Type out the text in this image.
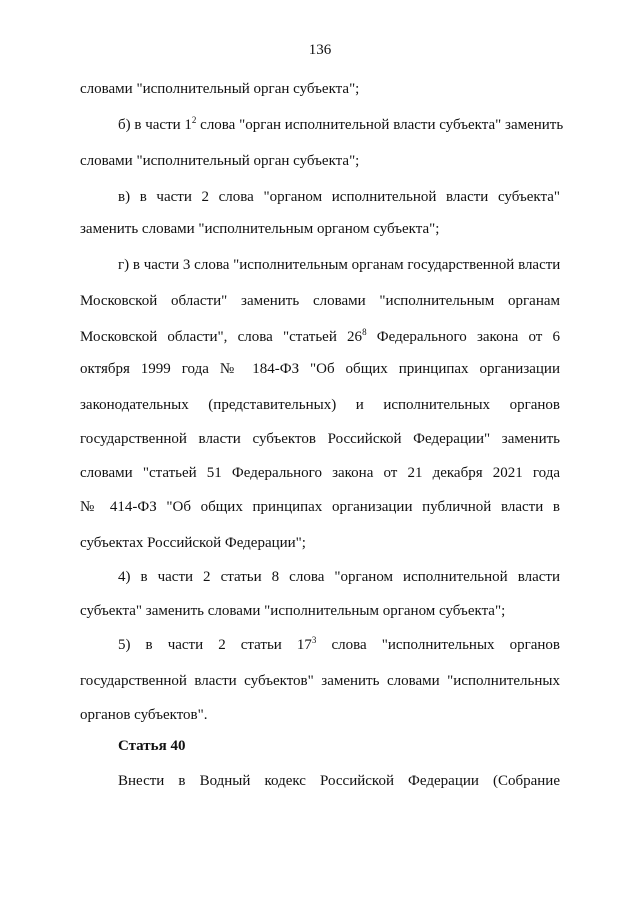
136
словами "исполнительный орган субъекта";
б) в части $1^2$ слова "орган исполнительной власти субъекта" заменить
словами "исполнительный орган субъекта";
в) в части 2 слова "органом исполнительной власти субъекта"
заменить словами "исполнительным органом субъекта";
г) в части 3 слова "исполнительным органам государственной власти
Московской области" заменить словами "исполнительным органам
Московской области", слова "статьей $26^8$ Федерального закона от 6
октября 1999 года № 184-ФЗ "Об общих принципах организации
законодательных (представительных) и исполнительных органов
государственной власти субъектов Российской Федерации" заменить
словами "статьей 51 Федерального закона от 21 декабря 2021 года
№ 414-ФЗ "Об общих принципах организации публичной власти в
субъектах Российской Федерации";
4) в части 2 статьи 8 слова "органом исполнительной власти
субъекта" заменить словами "исполнительным органом субъекта";
5) в части 2 статьи $17^3$ слова "исполнительных органов
государственной власти субъектов" заменить словами "исполнительных
органов субъектов".
Статья 40
Внести в Водный кодекс Российской Федерации (Собрание
